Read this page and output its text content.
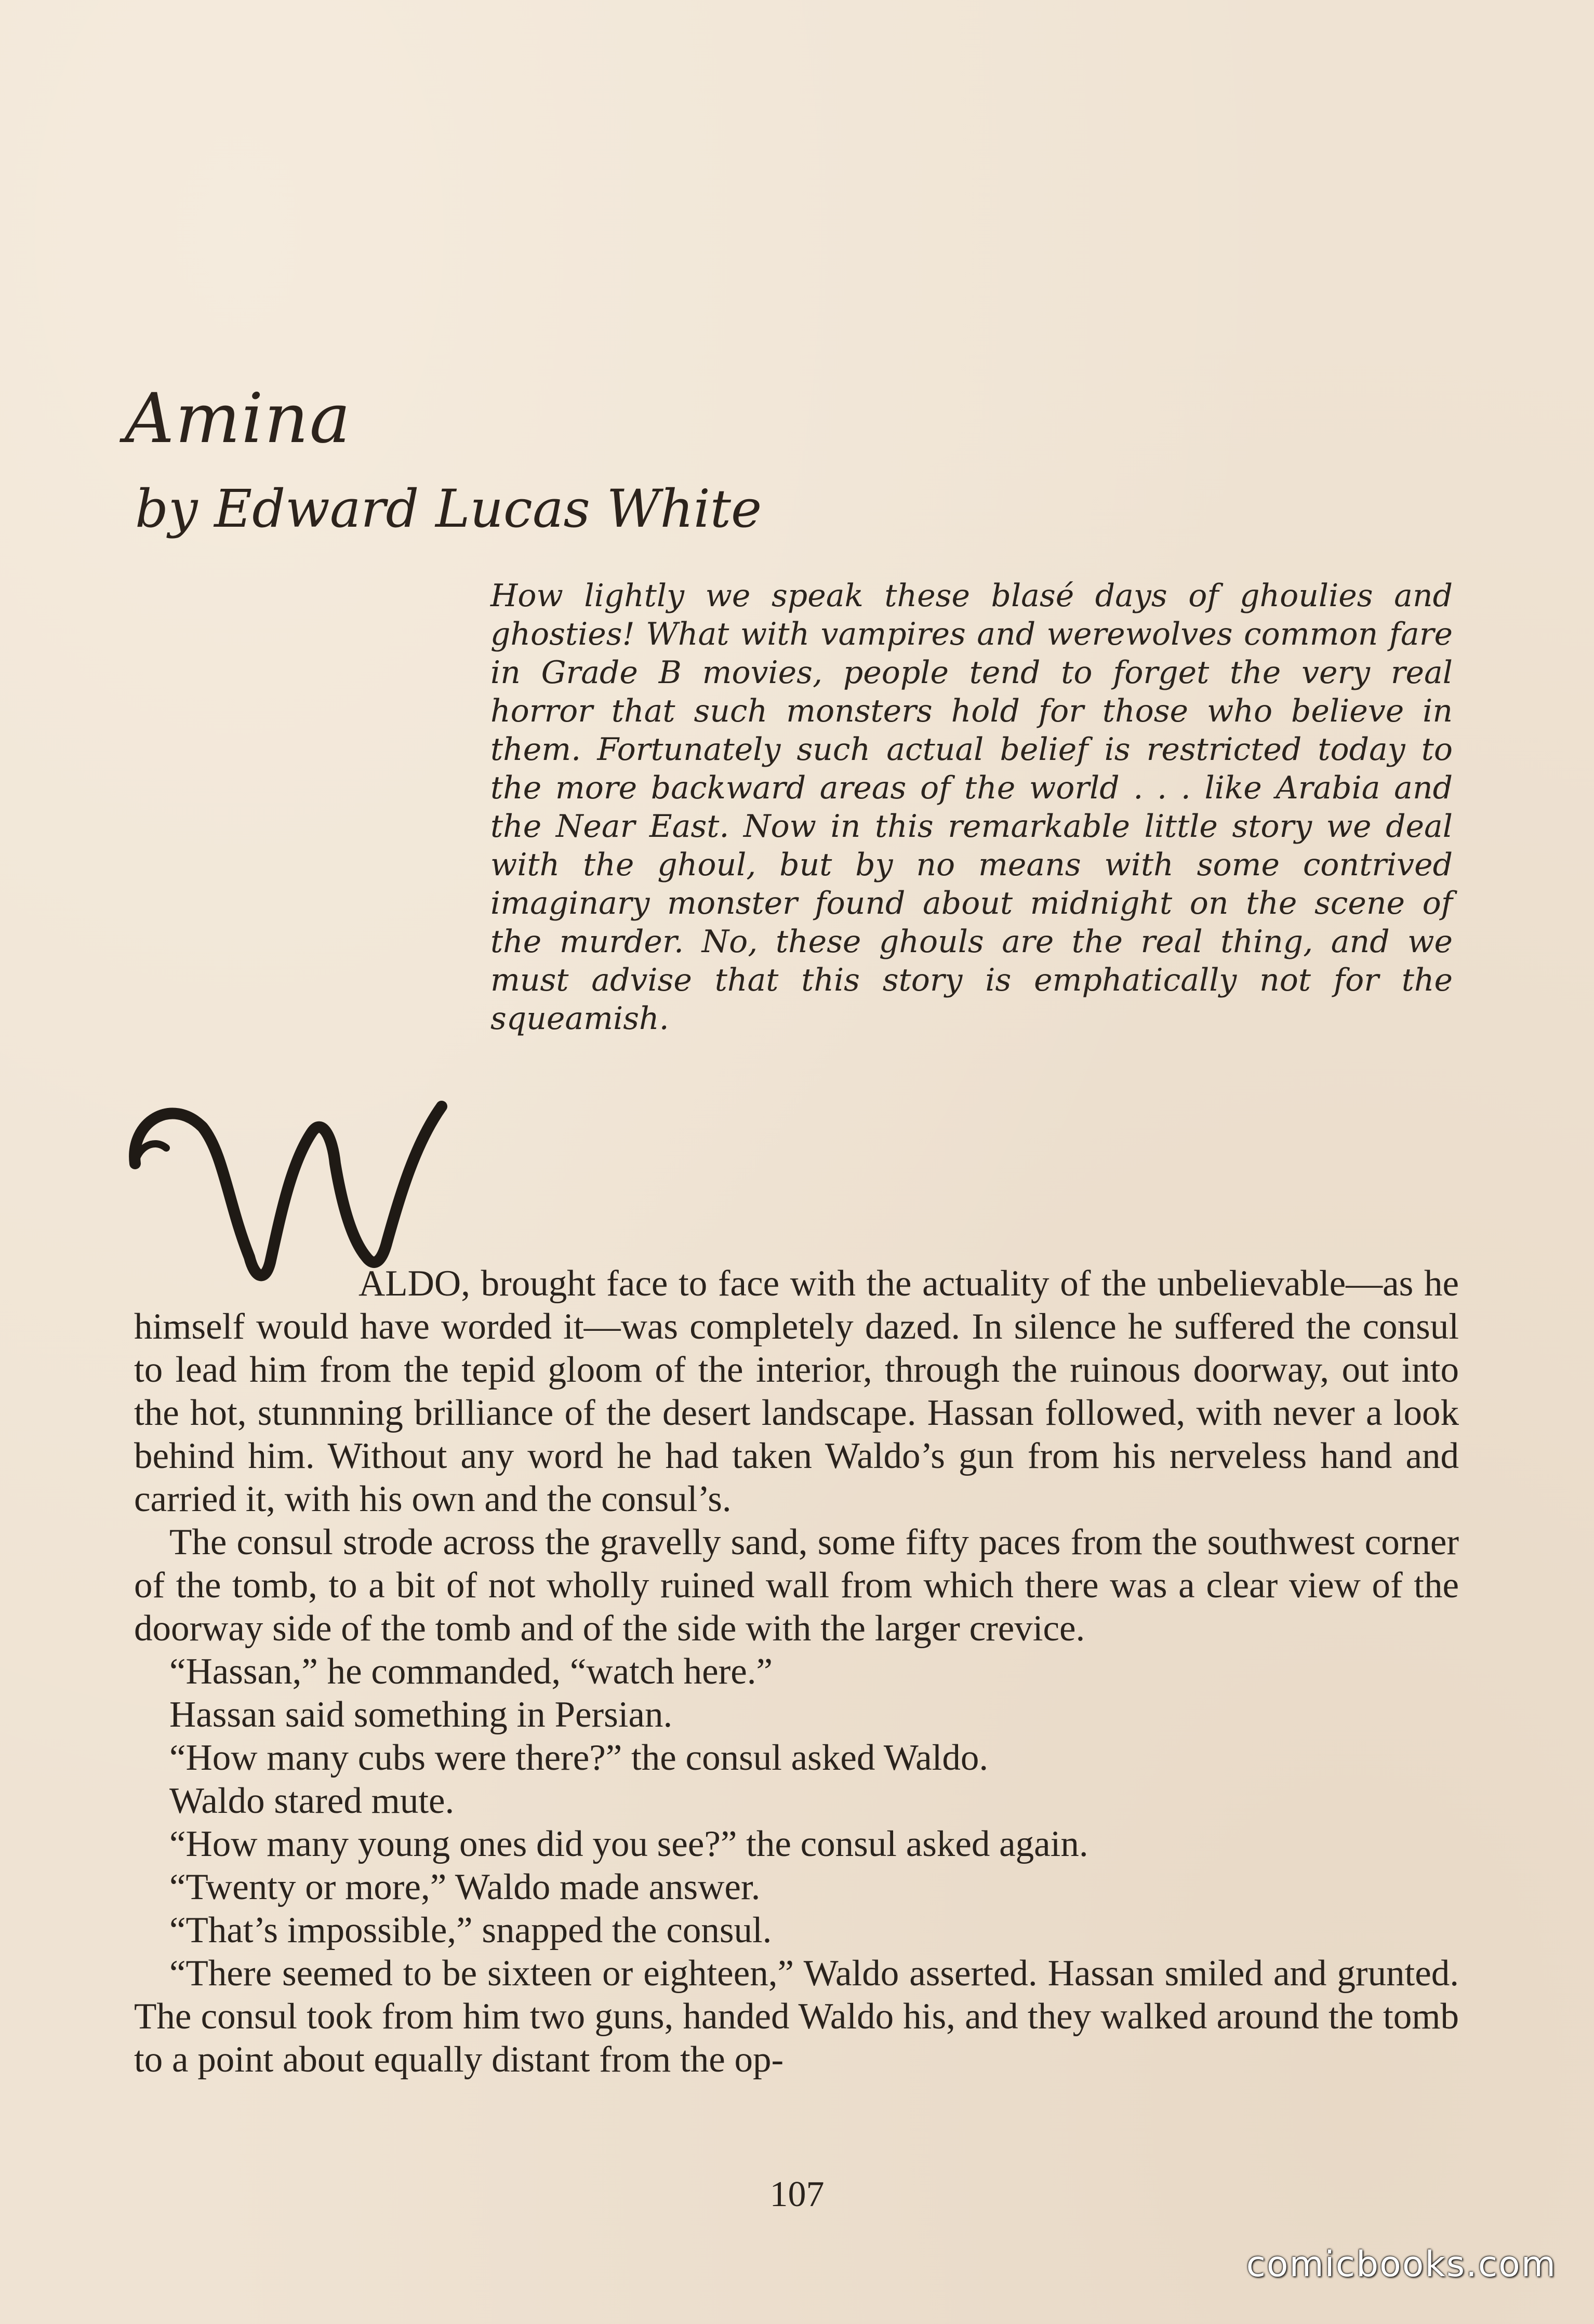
Amina
by Edward Lucas White
How lightly we speak these blasé days of ghoulies and ghosties! What with vampires and werewolves common fare in Grade B movies, people tend to forget the very real horror that such monsters hold for those who believe in them. Fortunately such actual belief is restricted today to the more backward areas of the world . . . like Arabia and the Near East. Now in this remarkable little story we deal with the ghoul, but by no means with some contrived imaginary monster found about midnight on the scene of the murder. No, these ghouls are the real thing, and we must advise that this story is emphatically not for the squeamish.
W

ALDO, brought face to face with the actuality of the unbelievable—as he himself would have worded it—was completely dazed. In silence he suffered the consul to lead him from the tepid gloom of the interior, through the ruinous doorway, out into the hot, stunnning brilliance of the desert landscape. Hassan followed, with never a look behind him. Without any word he had taken Waldo’s gun from his nerveless hand and carried it, with his own and the consul’s.

The consul strode across the gravelly sand, some fifty paces from the southwest corner of the tomb, to a bit of not wholly ruined wall from which there was a clear view of the doorway side of the tomb and of the side with the larger crevice.

“Hassan,” he commanded, “watch here.”

Hassan said something in Persian.

“How many cubs were there?” the consul asked Waldo.

Waldo stared mute.

“How many young ones did you see?” the consul asked again.

“Twenty or more,” Waldo made answer.

“That’s impossible,” snapped the consul.

“There seemed to be sixteen or eighteen,” Waldo asserted. Hassan smiled and grunted. The consul took from him two guns, handed Waldo his, and they walked around the tomb to a point about equally distant from the op-

107
comicbooks.com
